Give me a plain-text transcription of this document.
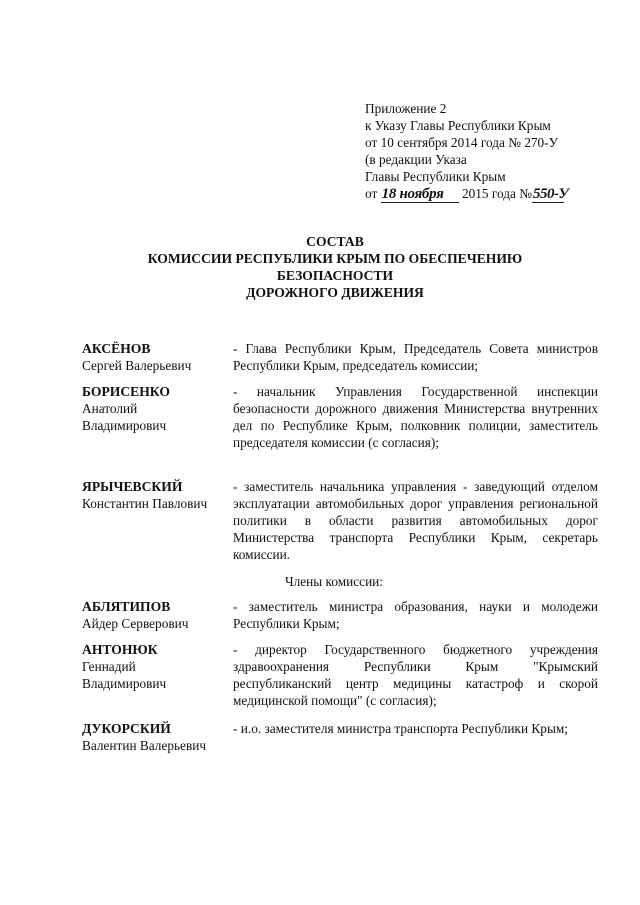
Приложение 2
к Указу Главы Республики Крым
от 10 сентября 2014 года № 270-У
(в редакции Указа
Главы Республики Крым
от 18 ноября 2015 года №550-У
СОСТАВ
КОМИССИИ РЕСПУБЛИКИ КРЫМ ПО ОБЕСПЕЧЕНИЮ
БЕЗОПАСНОСТИ
ДОРОЖНОГО ДВИЖЕНИЯ
АКСЁНОВ
Сергей Валерьевич
- Глава Республики Крым, Председатель Совета министров Республики Крым, председатель комиссии;
БОРИСЕНКО
Анатолий
Владимирович
- начальник Управления Государственной инспекции безопасности дорожного движения Министерства внутренних дел по Республике Крым, полковник полиции, заместитель председателя комиссии (с согласия);
ЯРЫЧЕВСКИЙ
Константин Павлович
- заместитель начальника управления - заведующий отделом эксплуатации автомобильных дорог управления региональной политики в области развития автомобильных дорог Министерства транспорта Республики Крым, секретарь комиссии.
Члены комиссии:
АБЛЯТИПОВ
Айдер Серверович
- заместитель министра образования, науки и молодежи Республики Крым;
АНТОНЮК
Геннадий
Владимирович
- директор Государственного бюджетного учреждения здравоохранения Республики Крым "Крымский республиканский центр медицины катастроф и скорой медицинской помощи" (с согласия);
ДУКОРСКИЙ
Валентин Валерьевич
- и.о. заместителя министра транспорта Республики Крым;
